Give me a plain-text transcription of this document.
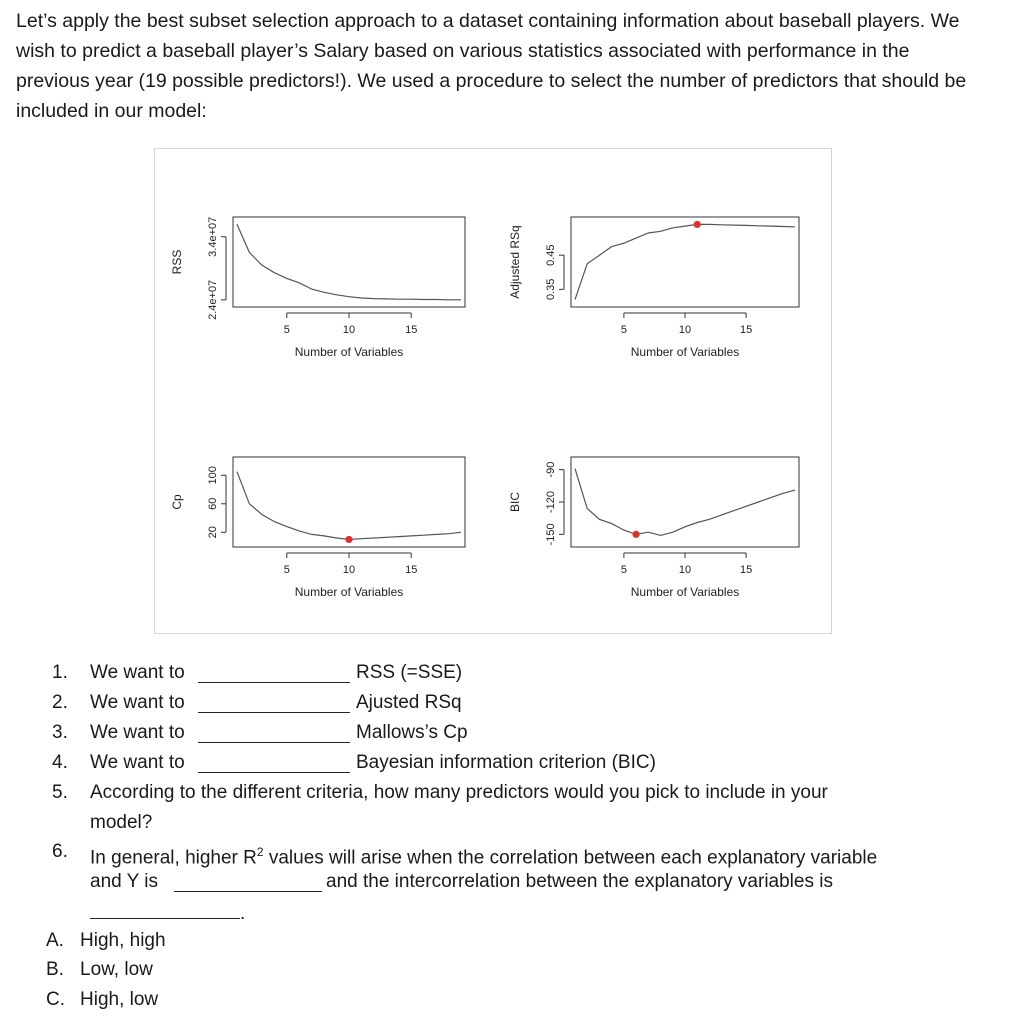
Let’s apply the best subset selection approach to a dataset containing information about baseball players. We wish to predict a baseball player’s Salary based on various statistics associated with performance in the previous year (19 possible predictors!). We used a procedure to select the number of predictors that should be included in our model:
5	10	15
Number of Variables
2.4e+07
3.4e+07
RSS
5	10	15
Number of Variables
0.35
0.45
Adjusted RSq
5	10	15
Number of Variables
20
60
100
Cp
5	10	15
Number of Variables
-150
-120
-90
BIC
1. We want to	RSS (=SSE)
2. We want to	Ajusted RSq
3. We want to	Mallows’s Cp
4. We want to	Bayesian information criterion (BIC)
5. According to the different criteria, how many predictors would you pick to include in your
model?
6. In general, higher $R^2$ values will arise when the correlation between each explanatory variable
and Y is	and the intercorrelation between the explanatory variables is
.
A. High, high
B. Low, low
C. High, low
